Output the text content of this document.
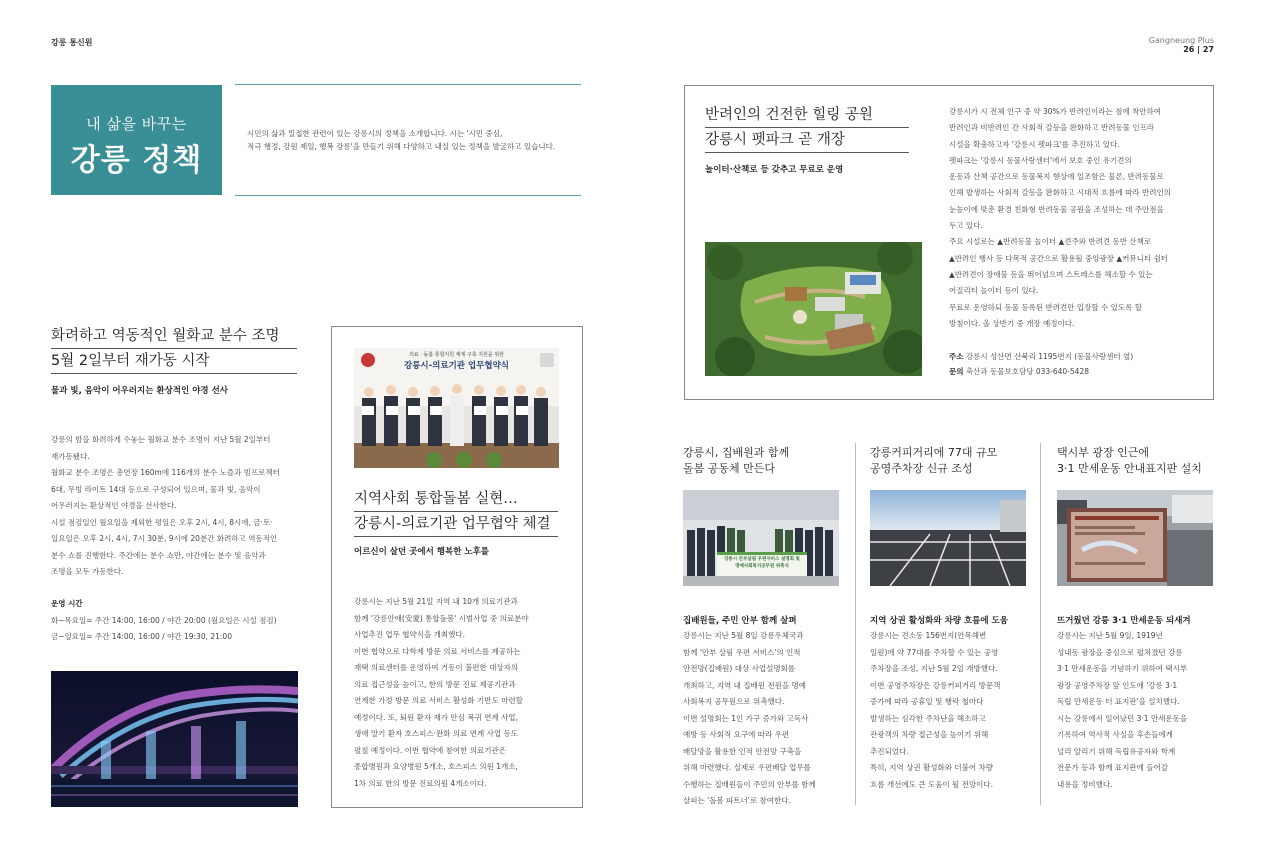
강릉 통신원	Gangneung Plus 26 | 27
내 삶을 바꾸는
강릉 정책
시민의 삶과 밀접한 관련이 있는 강릉시의 정책을 소개합니다. 시는 '시민 중심,
적극 행정, 강원 제일, 행복 강릉'을 만들기 위해 다양하고 내실 있는 정책을 발굴하고 있습니다.
화려하고 역동적인 월화교 분수 조명
5월 2일부터 재가동 시작
물과 빛, 음악이 어우러지는 환상적인 야경 선사
강릉의 밤을 화려하게 수놓는 월화교 분수 조명이 지난 5월 2일부터
재가동됐다.
월화교 분수 조명은 총연장 160m에 116개의 분수 노즐과 빔프로젝터
6대, 무빙 라이트 14대 등으로 구성되어 있으며, 물과 빛, 음악이
어우러지는 환상적인 야경을 선사한다.
시설 점검일인 월요일을 제외한 평일은 오후 2시, 4시, 8시에, 금·토·
일요일은 오후 2시, 4시, 7시 30분, 9시에 20분간 화려하고 역동적인
분수 쇼를 진행한다. 주간에는 분수 쇼만, 야간에는 분수 및 음악과
조명을 모두 가동한다.
운영 시간
화~목요일= 주간 14:00, 16:00 / 야간 20:00 (월요일은 시설 점검)
금~일요일= 주간 14:00, 16:00 / 야간 19:30, 21:00
의료 · 돌봄 통합지원 체계 구축 지원을 위한
강릉시-의료기관 업무협약식
지역사회 통합돌봄 실현…
강릉시-의료기관 업무협약 체결
어르신이 살던 곳에서 행복한 노후를
강릉시는 지난 5월 21일 지역 내 10개 의료기관과
함께 '강릉안애(安愛) 통합돌봄' 시범사업 중 의료분야
사업추진 업무 협약식을 개최했다.
이번 협약으로 다학제 방문 의료 서비스를 제공하는
재택 의료센터를 운영하여 거동이 불편한 대상자의
의료 접근성을 높이고, 한의 방문 진료 제공기관과
연계한 가정 방문 의료 서비스 활성화 기반도 마련할
예정이다. 또, 퇴원 환자 재가 안심 복귀 연계 사업,
생애 말기 환자 호스피스·완화 의료 연계 사업 등도
펼칠 예정이다. 이번 협약에 참여한 의료기관은
종합병원과 요양병원 5개소, 호스피스 의원 1개소,
1차 의료 한의 방문 진료의원 4개소이다.
반려인의 건전한 힐링 공원
강릉시 펫파크 곧 개장
놀이터·산책로 등 갖추고 무료로 운영
강릉시가 시 전체 인구 중 약 30%가 반려인이라는 점에 착안하여
반려인과 비반려인 간 사회적 갈등을 완화하고 반려동물 인프라
시설을 확충하고자 '강릉시 펫파크'를 추진하고 있다.
펫파크는 '강릉시 동물사랑센터'에서 보호 중인 유기견의
운동과 산책 공간으로 동물복지 향상에 일조함은 물론, 반려동물로
인해 발생하는 사회적 갈등을 완화하고 시대적 흐름에 따라 반려인의
눈높이에 맞춘 환경 친화형 반려동물 공원을 조성하는 데 주안점을
두고 있다.
주요 시설로는 ▲반려동물 놀이터 ▲견주와 반려견 동반 산책로
▲반려인 행사 등 다목적 공간으로 활용될 중앙광장 ▲커뮤니티 쉼터
▲반려견이 장애물 등을 뛰어넘으며 스트레스를 해소할 수 있는
어질리티 놀이터 등이 있다.
무료로 운영하되 동물 등록된 반려견만 입장할 수 있도록 할
방침이다. 올 상반기 중 개장 예정이다.
주소 강릉시 성산면 산북리 1195번지 (동물사랑센터 옆)
문의 축산과 동물보호담당 033-640-5428
강릉시, 집배원과 함께
돌봄 공동체 만든다
강릉시 안부살핌 우편서비스 설명회 및
명예사회복지공무원 위촉식
집배원들, 주민 안부 함께 살펴
강릉시는 지난 5월 8일 강릉우체국과
함께 '안부 살핌 우편 서비스'의 인적
안전망(집배원) 대상 사업설명회를
개최하고, 지역 내 집배원 전원을 명예
사회복지 공무원으로 위촉했다.
이번 설명회는 1인 가구 증가와 고독사
예방 등 사회적 요구에 따라 우편
배달망을 활용한 인적 안전망 구축을
위해 마련했다. 실제로 우편배달 업무를
수행하는 집배원들이 주민의 안부를 함께
살피는 '돌봄 파트너'로 참여한다.
강릉커피거리에 77대 규모
공영주차장 신규 조성
지역 상권 활성화와 차량 흐름에 도움
강릉시는 견소동 156번지(안목해변
일원)에 약 77대를 주차할 수 있는 공영
주차장을 조성, 지난 5월 2일 개방했다.
이번 공영주차장은 강릉커피거리 방문객
증가에 따라 공휴일 및 행락 철마다
발생하는 심각한 주차난을 해소하고
관광객의 차량 접근성을 높이기 위해
추진되었다.
특히, 지역 상권 활성화와 더불어 차량
흐름 개선에도 큰 도움이 될 전망이다.
택시부 광장 인근에
3·1 만세운동 안내표지판 설치
뜨거웠던 강릉 3·1 만세운동 되새겨
강릉시는 지난 5월 9일, 1919년
성내동 광장을 중심으로 펼쳐졌던 강릉
3·1 만세운동을 기념하기 위하여 택시부
광장 공영주차장 앞 인도에 '강릉 3·1
독립 만세운동 터 표지판'을 설치했다.
시는 강릉에서 일어났던 3·1 만세운동을
기록하여 역사적 사실을 후손들에게
널리 알리기 위해 독립유공자와 학계
전문가 등과 함께 표지판에 들어갈
내용을 정비했다.
